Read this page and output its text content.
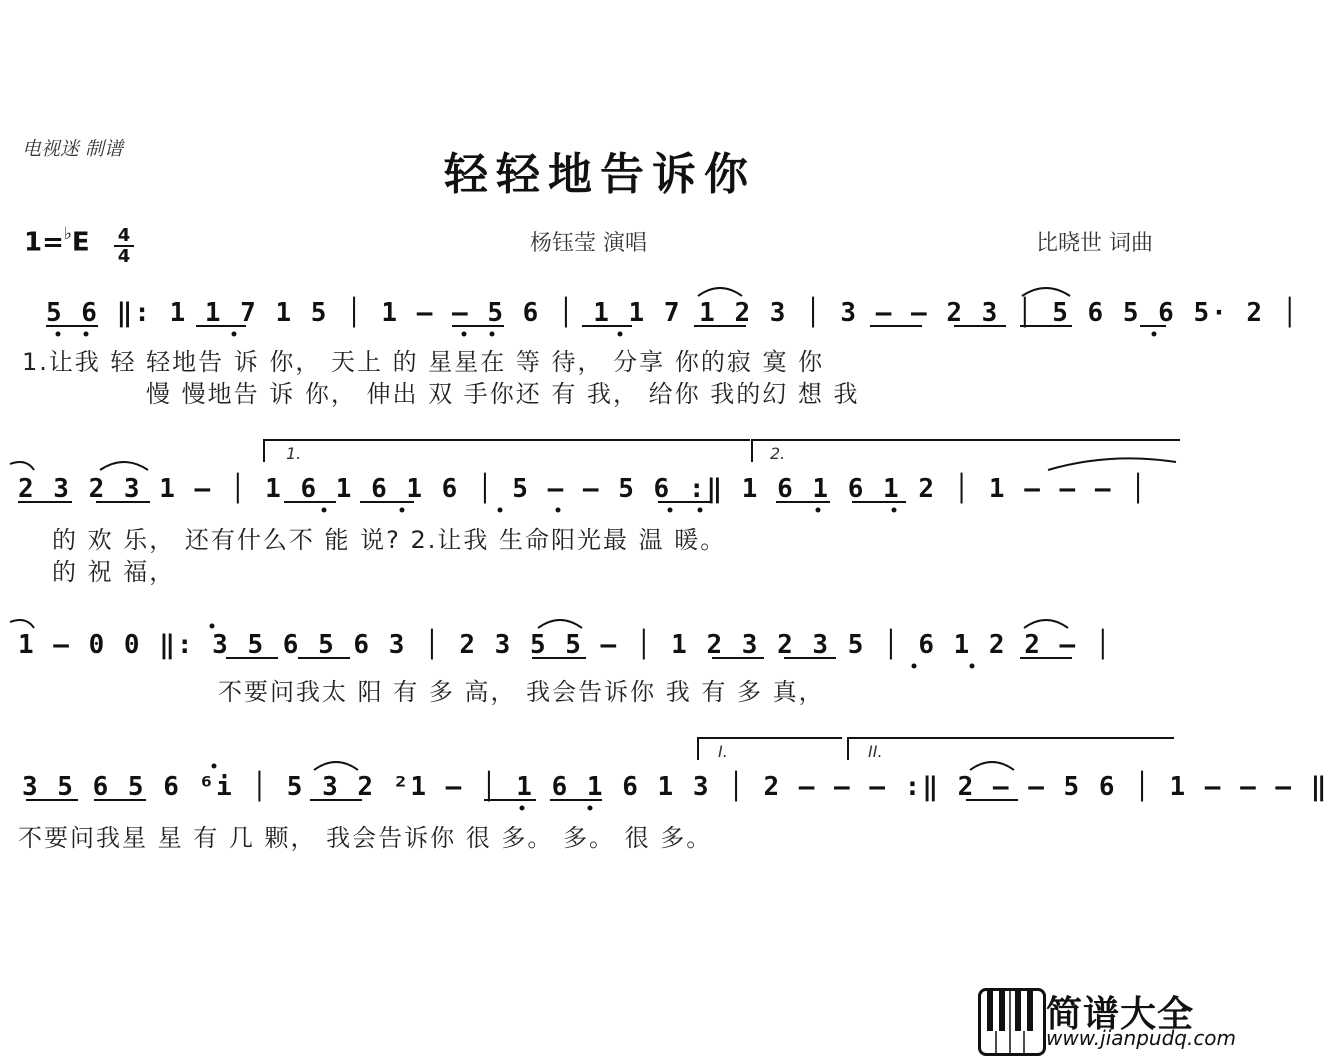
电视迷 制谱	轻轻地告诉你
1=♭E 4
4
杨钰莹 演唱	比晓世 词曲
5 6 ‖: 1 1 7 1 5 │ 1 – – 5 6 │ 1 1 7 1 2 3 │ 3 – – 2 3 │ 5 6 5 6 5· 2 │
1.让我 轻 轻地告 诉 你， 天上 的 星星在 等 待， 分享 你的寂 寞 你
慢 慢地告 诉 你， 伸出 双 手你还 有 我， 给你 我的幻 想 我
1.	2.
2 3 2 3 1 – │ 1 6 1 6 1 6 │ 5 – – 5 6 :‖ 1 6 1 6 1 2 │ 1 – – – │
的 欢 乐， 还有什么不 能 说? 2.让我 生命阳光最 温 暖。
的 祝 福，
1 – 0 0 ‖: 3 5 6 5 6 3 │ 2 3 5 5 – │ 1 2 3 2 3 5 │ 6 1 2 2 – │
不要问我太 阳 有 多 高， 我会告诉你 我 有 多 真，
I.	II.
3 5 6 5 6 ⁶i │ 5 3 2 ²1 – │ 1 6 1 6 1 3 │ 2 – – – :‖ 2 – – 5 6 │ 1 – – – ‖
不要问我星 星 有 几 颗， 我会告诉你 很 多。 多。 很 多。
简谱大全
www.jianpudq.com
